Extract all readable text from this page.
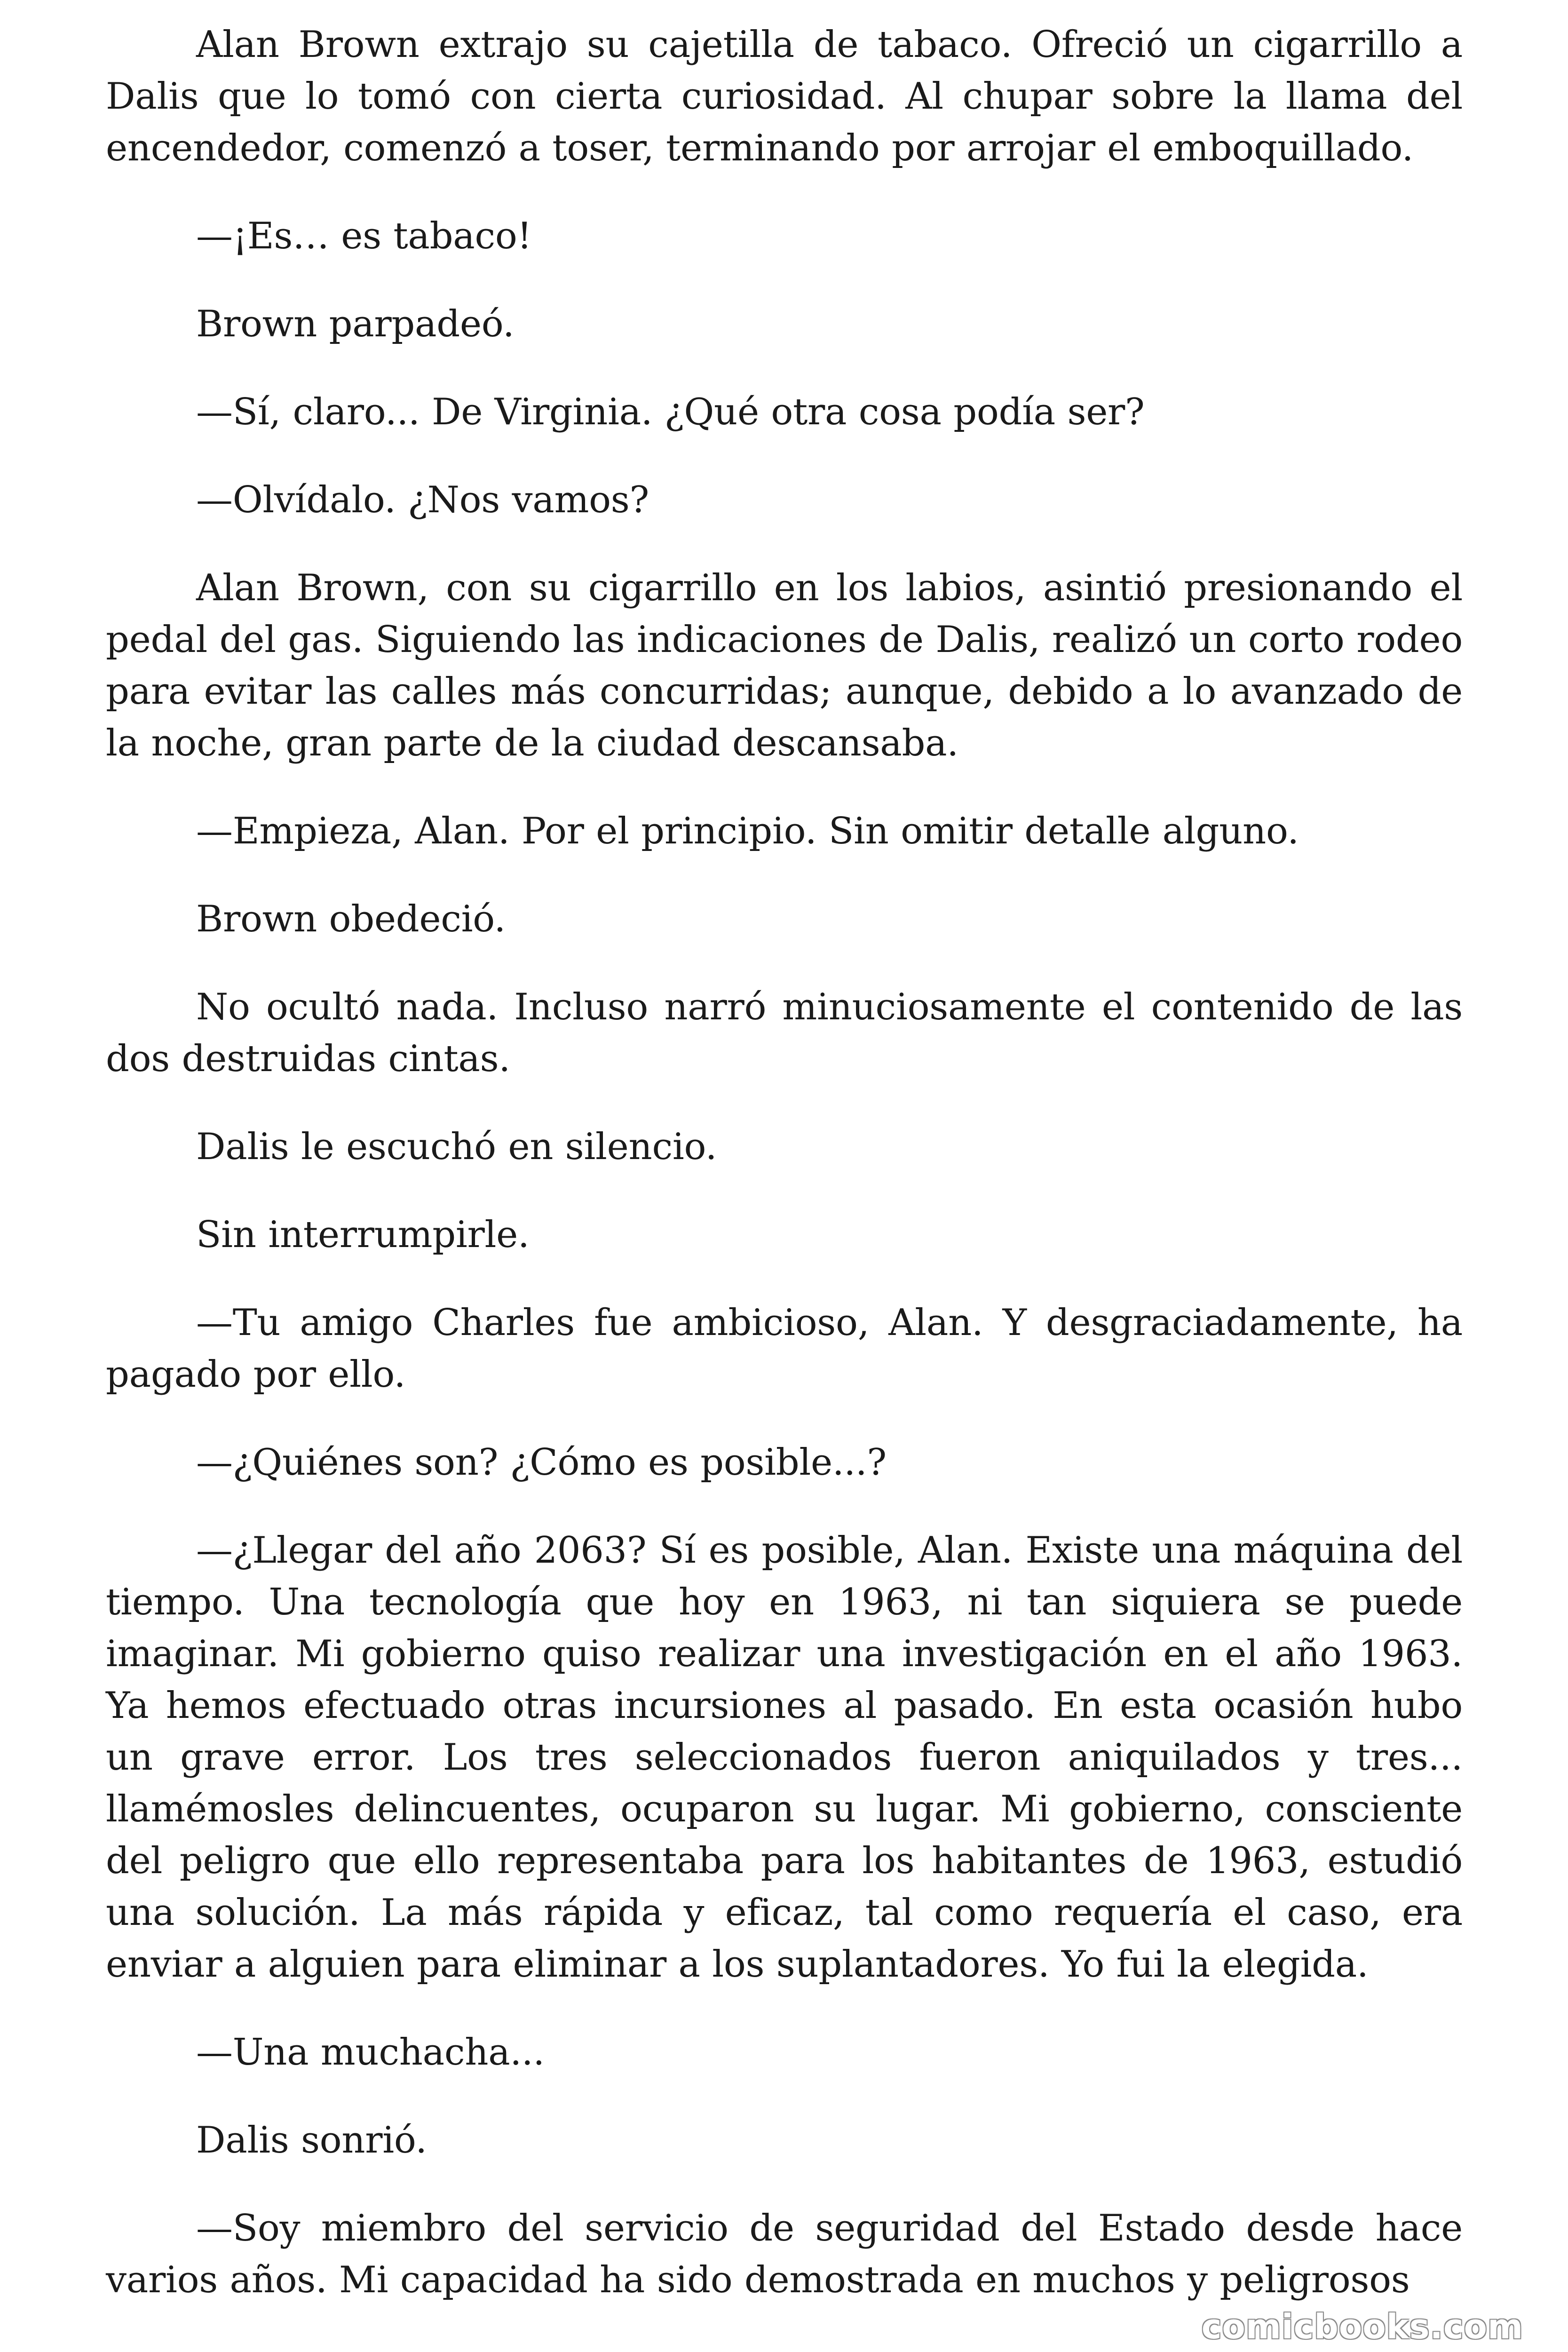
Alan Brown extrajo su cajetilla de tabaco. Ofreció un cigarrillo a Dalis que lo tomó con cierta curiosidad. Al chupar sobre la llama del encendedor, comenzó a toser, terminando por arrojar el emboquillado.

—¡Es… es tabaco!

Brown parpadeó.

—Sí, claro... De Virginia. ¿Qué otra cosa podía ser?

—Olvídalo. ¿Nos vamos?

Alan Brown, con su cigarrillo en los labios, asintió presionando el pedal del gas. Siguiendo las indicaciones de Dalis, realizó un corto rodeo para evitar las calles más concurridas; aunque, debido a lo avanzado de la noche, gran parte de la ciudad descansaba.

—Empieza, Alan. Por el principio. Sin omitir detalle alguno.

Brown obedeció.

No ocultó nada. Incluso narró minuciosamente el contenido de las dos destruidas cintas.

Dalis le escuchó en silencio.

Sin interrumpirle.

—Tu amigo Charles fue ambicioso, Alan. Y desgraciadamente, ha pagado por ello.

—¿Quiénes son? ¿Cómo es posible...?

—¿Llegar del año 2063? Sí es posible, Alan. Existe una máquina del tiempo. Una tecnología que hoy en 1963, ni tan siquiera se puede imaginar. Mi gobierno quiso realizar una investigación en el año 1963. Ya hemos efectuado otras incursiones al pasado. En esta ocasión hubo un grave error. Los tres seleccionados fueron aniquilados y tres... llamémosles delincuentes, ocuparon su lugar. Mi gobierno, consciente del peligro que ello representaba para los habitantes de 1963, estudió una solución. La más rápida y eficaz, tal como requería el caso, era enviar a alguien para eliminar a los suplantadores. Yo fui la elegida.

—Una muchacha...

Dalis sonrió.

—Soy miembro del servicio de seguridad del Estado desde hace varios años. Mi capacidad ha sido demostrada en muchos y peligrosos

comicbooks.com
